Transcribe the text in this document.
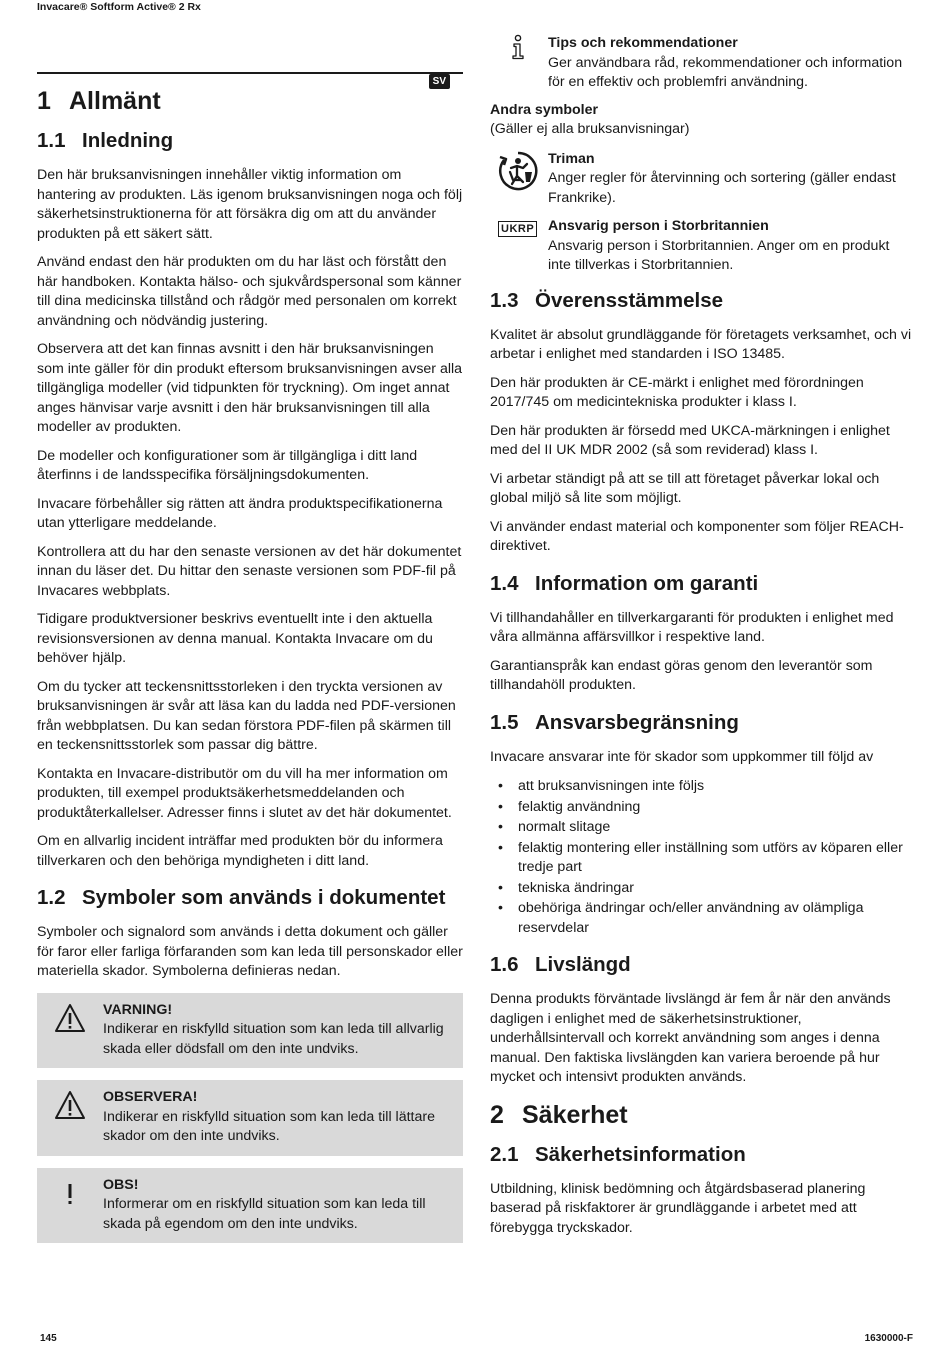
Invacare® Softform Active® 2 Rx
SV
1 Allmänt
1.1 Inledning

Den här bruksanvisningen innehåller viktig information om hantering av produkten. Läs igenom bruksanvisningen noga och följ säkerhetsinstruktionerna för att försäkra dig om att du använder produkten på ett säkert sätt.

Använd endast den här produkten om du har läst och förstått den här handboken. Kontakta hälso- och sjukvårdspersonal som känner till dina medicinska tillstånd och rådgör med personalen om korrekt användning och nödvändig justering.

Observera att det kan finnas avsnitt i den här bruksanvisningen som inte gäller för din produkt eftersom bruksanvisningen avser alla tillgängliga modeller (vid tidpunkten för tryckning). Om inget annat anges hänvisar varje avsnitt i den här bruksanvisningen till alla modeller av produkten.

De modeller och konfigurationer som är tillgängliga i ditt land återfinns i de landsspecifika försäljningsdokumenten.

Invacare förbehåller sig rätten att ändra produktspecifikationerna utan ytterligare meddelande.

Kontrollera att du har den senaste versionen av det här dokumentet innan du läser det. Du hittar den senaste versionen som PDF-fil på Invacares webbplats.

Tidigare produktversioner beskrivs eventuellt inte i den aktuella revisionsversionen av denna manual. Kontakta Invacare om du behöver hjälp.

Om du tycker att teckensnittsstorleken i den tryckta versionen av bruksanvisningen är svår att läsa kan du ladda ned PDF-versionen från webbplatsen. Du kan sedan förstora PDF-filen på skärmen till en teckensnittsstorlek som passar dig bättre.

Kontakta en Invacare-distributör om du vill ha mer information om produkten, till exempel produktsäkerhetsmeddelanden och produktåterkallelser. Adresser finns i slutet av det här dokumentet.

Om en allvarlig incident inträffar med produkten bör du informera tillverkaren och den behöriga myndigheten i ditt land.

1.2 Symboler som används i dokumentet

Symboler och signalord som används i detta dokument och gäller för faror eller farliga förfaranden som kan leda till personskador eller materiella skador. Symbolerna definieras nedan.

VARNING!
Indikerar en riskfylld situation som kan leda till allvarlig skada eller dödsfall om den inte undviks.
OBSERVERA!
Indikerar en riskfylld situation som kan leda till lättare skador om den inte undviks.
OBS!
Informerar om en riskfylld situation som kan leda till skada på egendom om den inte undviks.
Tips och rekommendationer
Ger användbara råd, rekommendationer och information för en effektiv och problemfri användning.
Andra symboler
(Gäller ej alla bruksanvisningar)
Triman
Anger regler för återvinning och sortering (gäller endast Frankrike).
UKRP Ansvarig person i Storbritannien
Ansvarig person i Storbritannien. Anger om en produkt inte tillverkas i Storbritannien.
1.3 Överensstämmelse

Kvalitet är absolut grundläggande för företagets verksamhet, och vi arbetar i enlighet med standarden i ISO 13485.

Den här produkten är CE-märkt i enlighet med förordningen 2017/745 om medicintekniska produkter i klass I.

Den här produkten är försedd med UKCA-märkningen i enlighet med del II UK MDR 2002 (så som reviderad) klass I.

Vi arbetar ständigt på att se till att företaget påverkar lokal och global miljö så lite som möjligt.

Vi använder endast material och komponenter som följer REACH-direktivet.

1.4 Information om garanti

Vi tillhandahåller en tillverkargaranti för produkten i enlighet med våra allmänna affärsvillkor i respektive land.

Garantianspråk kan endast göras genom den leverantör som tillhandahöll produkten.

1.5 Ansvarsbegränsning

Invacare ansvarar inte för skador som uppkommer till följd av

• att bruksanvisningen inte följs
• felaktig användning
• normalt slitage
• felaktig montering eller inställning som utförs av köparen eller tredje part
• tekniska ändringar
• obehöriga ändringar och/eller användning av olämpliga reservdelar
1.6 Livslängd

Denna produkts förväntade livslängd är fem år när den används dagligen i enlighet med de säkerhetsinstruktioner, underhållsintervall och korrekt användning som anges i denna manual. Den faktiska livslängden kan variera beroende på hur mycket och intensivt produkten används.

2 Säkerhet
2.1 Säkerhetsinformation

Utbildning, klinisk bedömning och åtgärdsbaserad planering baserad på riskfaktorer är grundläggande i arbetet med att förebygga tryckskador.

145	1630000-F
